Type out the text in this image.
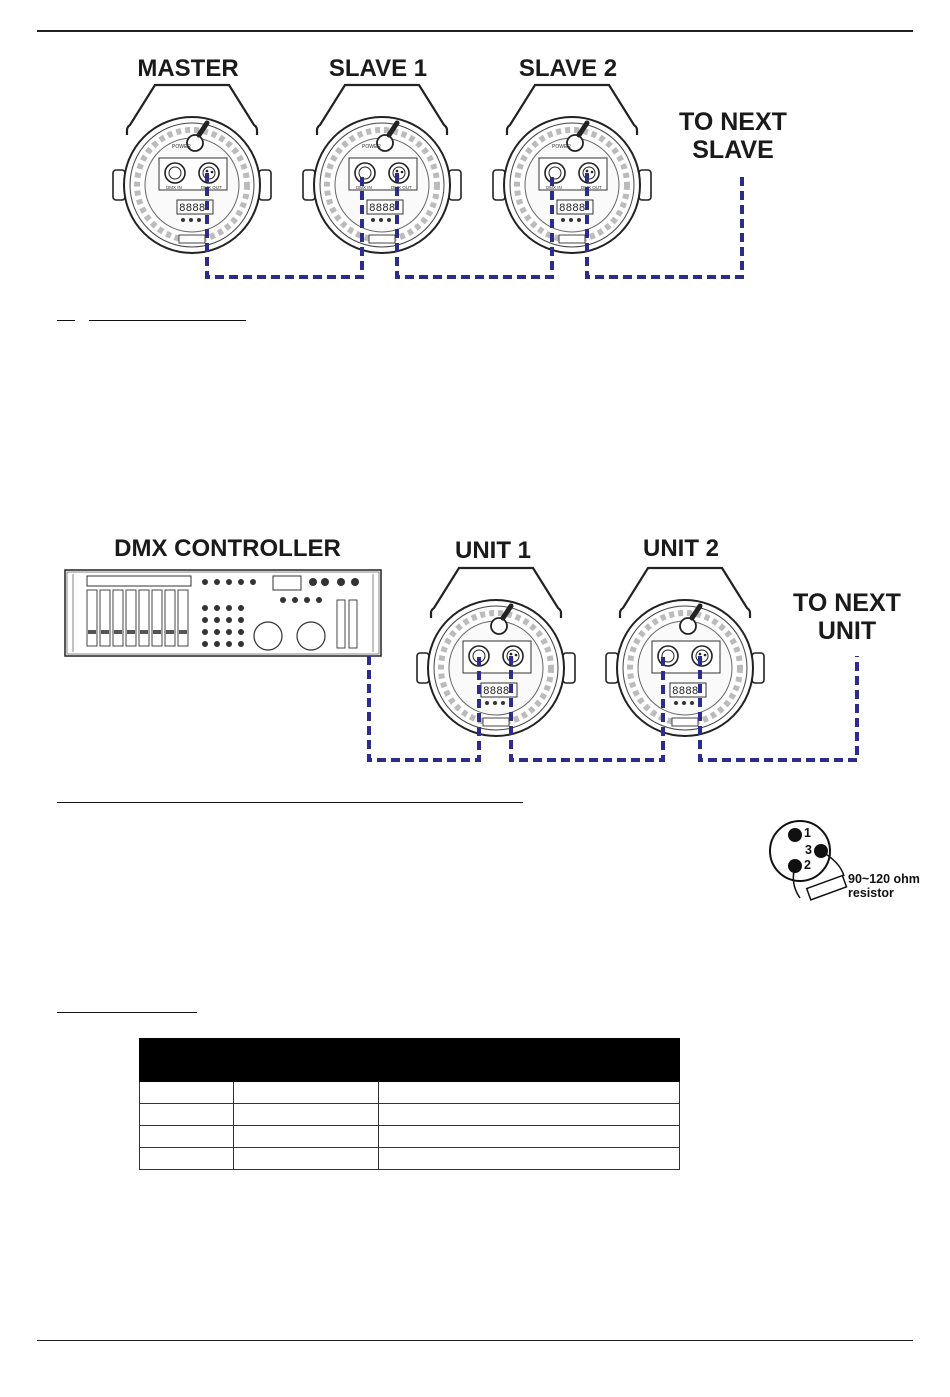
MASTER	SLAVE 1	SLAVE 2
TO NEXT
SLAVE
DMX CONTROLLER	UNIT 1	UNIT 2
TO NEXT
UNIT
1
3
2
90~120 ohm
resistor
